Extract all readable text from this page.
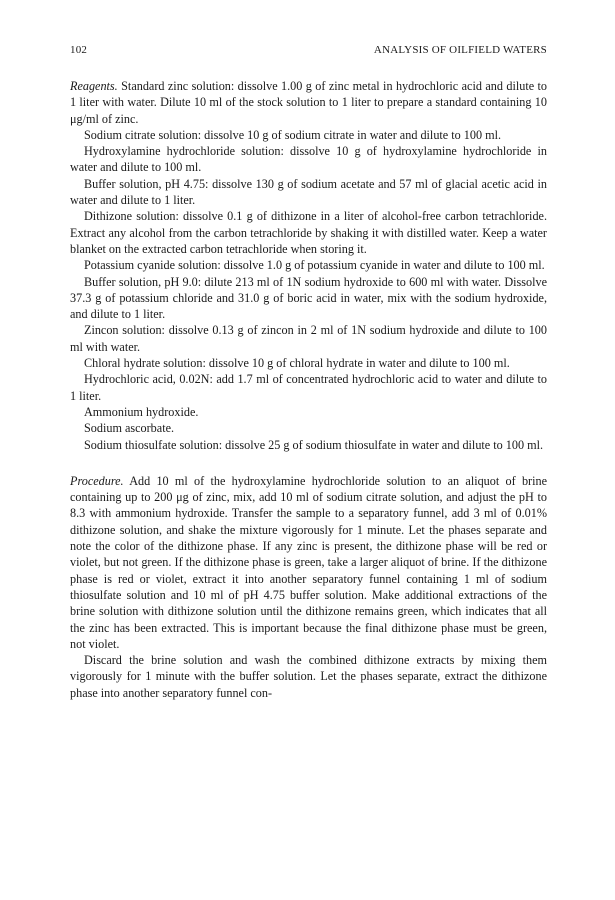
102	ANALYSIS OF OILFIELD WATERS

Reagents. Standard zinc solution: dissolve 1.00 g of zinc metal in hydrochloric acid and dilute to 1 liter with water. Dilute 10 ml of the stock solution to 1 liter to prepare a standard containing 10 μg/ml of zinc.

Sodium citrate solution: dissolve 10 g of sodium citrate in water and dilute to 100 ml.

Hydroxylamine hydrochloride solution: dissolve 10 g of hydroxylamine hydrochloride in water and dilute to 100 ml.

Buffer solution, pH 4.75: dissolve 130 g of sodium acetate and 57 ml of glacial acetic acid in water and dilute to 1 liter.

Dithizone solution: dissolve 0.1 g of dithizone in a liter of alcohol-free carbon tetrachloride. Extract any alcohol from the carbon tetrachloride by shaking it with distilled water. Keep a water blanket on the extracted carbon tetrachloride when storing it.

Potassium cyanide solution: dissolve 1.0 g of potassium cyanide in water and dilute to 100 ml.

Buffer solution, pH 9.0: dilute 213 ml of 1N sodium hydroxide to 600 ml with water. Dissolve 37.3 g of potassium chloride and 31.0 g of boric acid in water, mix with the sodium hydroxide, and dilute to 1 liter.

Zincon solution: dissolve 0.13 g of zincon in 2 ml of 1N sodium hydroxide and dilute to 100 ml with water.

Chloral hydrate solution: dissolve 10 g of chloral hydrate in water and dilute to 100 ml.

Hydrochloric acid, 0.02N: add 1.7 ml of concentrated hydrochloric acid to water and dilute to 1 liter.

Ammonium hydroxide.

Sodium ascorbate.

Sodium thiosulfate solution: dissolve 25 g of sodium thiosulfate in water and dilute to 100 ml.

Procedure. Add 10 ml of the hydroxylamine hydrochloride solution to an aliquot of brine containing up to 200 μg of zinc, mix, add 10 ml of sodium citrate solution, and adjust the pH to 8.3 with ammonium hydroxide. Transfer the sample to a separatory funnel, add 3 ml of 0.01% dithizone solution, and shake the mixture vigorously for 1 minute. Let the phases separate and note the color of the dithizone phase. If any zinc is present, the dithizone phase will be red or violet, but not green. If the dithizone phase is green, take a larger aliquot of brine. If the dithizone phase is red or violet, extract it into another separatory funnel containing 1 ml of sodium thiosulfate solution and 10 ml of pH 4.75 buffer solution. Make additional extractions of the brine solution with dithizone solution until the dithizone remains green, which indicates that all the zinc has been extracted. This is important because the final dithizone phase must be green, not violet.

Discard the brine solution and wash the combined dithizone extracts by mixing them vigorously for 1 minute with the buffer solution. Let the phases separate, extract the dithizone phase into another separatory funnel con-
